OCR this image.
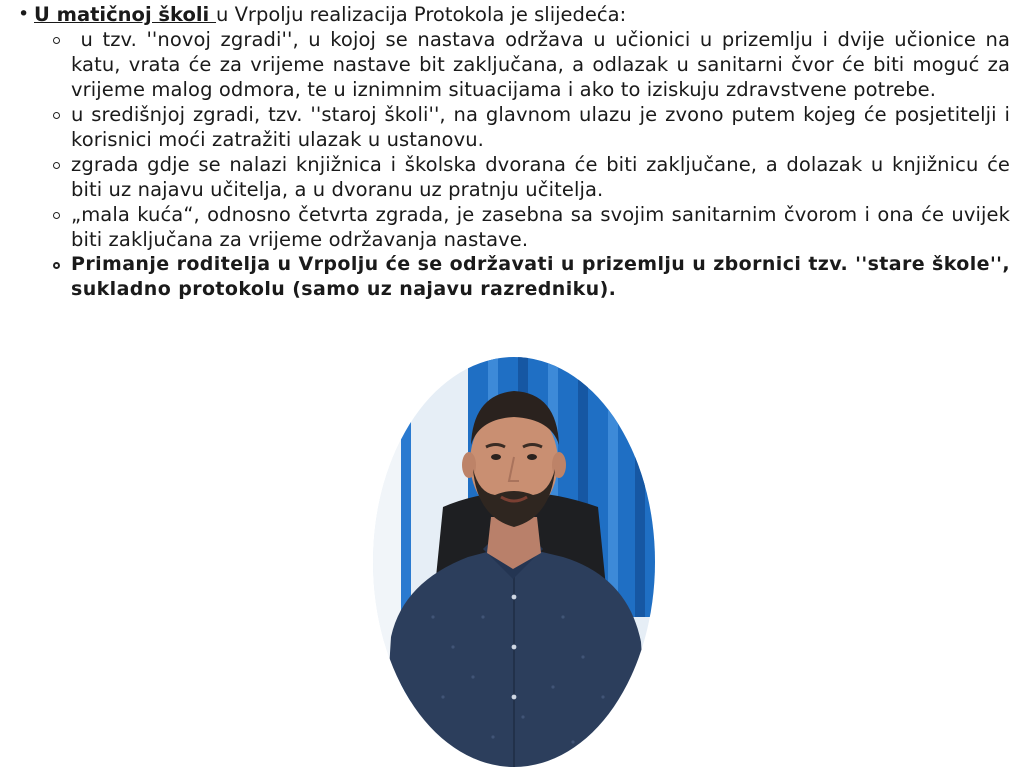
• U matičnoj školi u Vrpolju realizacija Protokola je slijedeća:
u tzv. ''novoj zgradi'', u kojoj se nastava održava u učionici u prizemlju i dvije učionice na katu, vrata će za vrijeme nastave bit zaključana, a odlazak u sanitarni čvor će biti moguć za vrijeme malog odmora, te u iznimnim situacijama i ako to iziskuju zdravstvene potrebe.
u središnjoj zgradi, tzv. ''staroj školi'', na glavnom ulazu je zvono putem kojeg će posjetitelji i korisnici moći zatražiti ulazak u ustanovu.
zgrada gdje se nalazi knjižnica i školska dvorana će biti zaključane, a dolazak u knjižnicu će biti uz najavu učitelja, a u dvoranu uz pratnju učitelja.
„mala kuća“, odnosno četvrta zgrada, je zasebna sa svojim sanitarnim čvorom i ona će uvijek biti zaključana za vrijeme održavanja nastave.
Primanje roditelja u Vrpolju će se održavati u prizemlju u zbornici tzv. ''stare škole'', sukladno protokolu (samo uz najavu razredniku).
